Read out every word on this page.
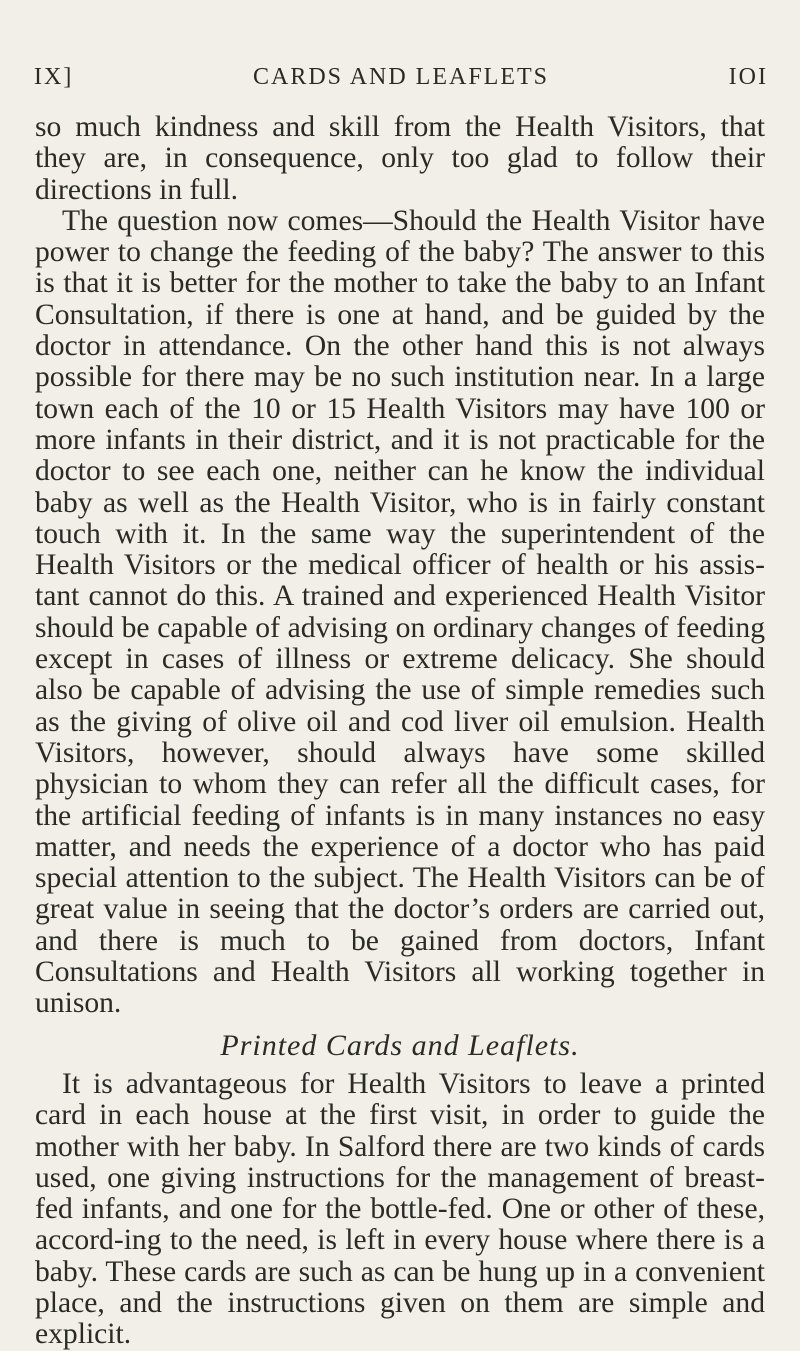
IX]	CARDS AND LEAFLETS	IOI

so much kindness and skill from the Health Visitors, that they are, in consequence, only too glad to follow their directions in full.

The question now comes—Should the Health Visitor have power to change the feeding of the baby? The answer to this is that it is better for the mother to take the baby to an Infant Consultation, if there is one at hand, and be guided by the doctor in attendance. On the other hand this is not always possible for there may be no such institution near. In a large town each of the 10 or 15 Health Visitors may have 100 or more infants in their district, and it is not practicable for the doctor to see each one, neither can he know the individual baby as well as the Health Visitor, who is in fairly constant touch with it. In the same way the superintendent of the Health Visitors or the medical officer of health or his assis-tant cannot do this. A trained and experienced Health Visitor should be capable of advising on ordinary changes of feeding except in cases of illness or extreme delicacy. She should also be capable of advising the use of simple remedies such as the giving of olive oil and cod liver oil emulsion. Health Visitors, however, should always have some skilled physician to whom they can refer all the difficult cases, for the artificial feeding of infants is in many instances no easy matter, and needs the experience of a doctor who has paid special attention to the subject. The Health Visitors can be of great value in seeing that the doctor’s orders are carried out, and there is much to be gained from doctors, Infant Consultations and Health Visitors all working together in unison.

Printed Cards and Leaflets.

It is advantageous for Health Visitors to leave a printed card in each house at the first visit, in order to guide the mother with her baby. In Salford there are two kinds of cards used, one giving instructions for the management of breast-fed infants, and one for the bottle-fed. One or other of these, accord-ing to the need, is left in every house where there is a baby. These cards are such as can be hung up in a convenient place, and the instructions given on them are simple and explicit.
